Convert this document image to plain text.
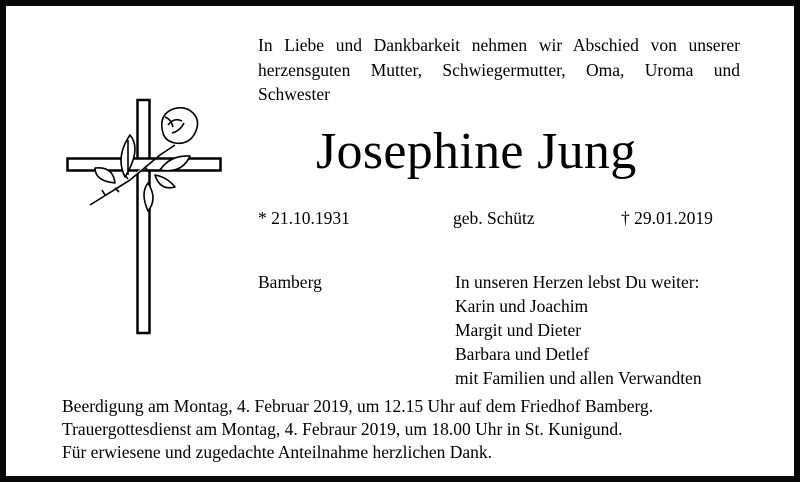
In Liebe und Dankbarkeit nehmen wir Abschied von unserer
herzensguten Mutter, Schwiegermutter, Oma, Uroma und
Schwester
Josephine Jung
* 21.10.1931	geb. Schütz	† 29.01.2019
Bamberg	In unseren Herzen lebst Du weiter:
Karin und Joachim
Margit und Dieter
Barbara und Detlef
mit Familien und allen Verwandten
Beerdigung am Montag, 4. Februar 2019, um 12.15 Uhr auf dem Friedhof Bamberg.
Trauergottesdienst am Montag, 4. Febraur 2019, um 18.00 Uhr in St. Kunigund.
Für erwiesene und zugedachte Anteilnahme herzlichen Dank.
